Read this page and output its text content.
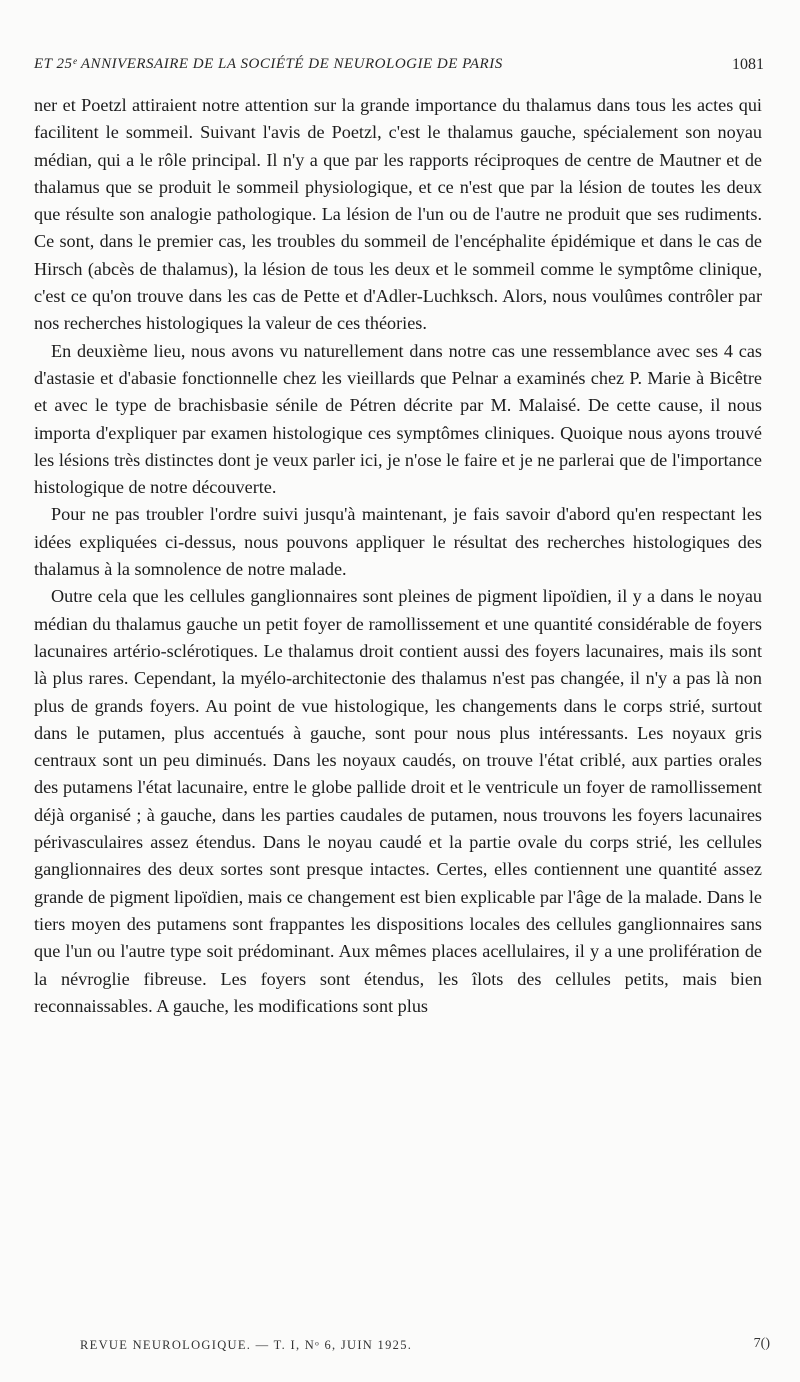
ET 25ᵉ ANNIVERSAIRE DE LA SOCIÉTÉ DE NEUROLOGIE DE PARIS	1081

ner et Poetzl attiraient notre attention sur la grande importance du thalamus dans tous les actes qui facilitent le sommeil. Suivant l'avis de Poetzl, c'est le thalamus gauche, spécialement son noyau médian, qui a le rôle principal. Il n'y a que par les rapports réciproques de centre de Mautner et de thalamus que se produit le sommeil physiologique, et ce n'est que par la lésion de toutes les deux que résulte son analogie pathologique. La lésion de l'un ou de l'autre ne produit que ses rudiments. Ce sont, dans le premier cas, les troubles du sommeil de l'encéphalite épidémique et dans le cas de Hirsch (abcès de thalamus), la lésion de tous les deux et le sommeil comme le symptôme clinique, c'est ce qu'on trouve dans les cas de Pette et d'Adler-Luchksch. Alors, nous voulûmes contrôler par nos recherches histologiques la valeur de ces théories.

En deuxième lieu, nous avons vu naturellement dans notre cas une ressemblance avec ses 4 cas d'astasie et d'abasie fonctionnelle chez les vieillards que Pelnar a examinés chez P. Marie à Bicêtre et avec le type de brachisbasie sénile de Pétren décrite par M. Malaisé. De cette cause, il nous importa d'expliquer par examen histologique ces symptômes cliniques. Quoique nous ayons trouvé les lésions très distinctes dont je veux parler ici, je n'ose le faire et je ne parlerai que de l'importance histologique de notre découverte.

Pour ne pas troubler l'ordre suivi jusqu'à maintenant, je fais savoir d'abord qu'en respectant les idées expliquées ci-dessus, nous pouvons appliquer le résultat des recherches histologiques des thalamus à la somnolence de notre malade.

Outre cela que les cellules ganglionnaires sont pleines de pigment lipoïdien, il y a dans le noyau médian du thalamus gauche un petit foyer de ramollissement et une quantité considérable de foyers lacunaires artério-sclérotiques. Le thalamus droit contient aussi des foyers lacunaires, mais ils sont là plus rares. Cependant, la myélo-architectonie des thalamus n'est pas changée, il n'y a pas là non plus de grands foyers. Au point de vue histologique, les changements dans le corps strié, surtout dans le putamen, plus accentués à gauche, sont pour nous plus intéressants. Les noyaux gris centraux sont un peu diminués. Dans les noyaux caudés, on trouve l'état criblé, aux parties orales des putamens l'état lacunaire, entre le globe pallide droit et le ventricule un foyer de ramollissement déjà organisé ; à gauche, dans les parties caudales de putamen, nous trouvons les foyers lacunaires périvasculaires assez étendus. Dans le noyau caudé et la partie ovale du corps strié, les cellules ganglionnaires des deux sortes sont presque intactes. Certes, elles contiennent une quantité assez grande de pigment lipoïdien, mais ce changement est bien explicable par l'âge de la malade. Dans le tiers moyen des putamens sont frappantes les dispositions locales des cellules ganglionnaires sans que l'un ou l'autre type soit prédominant. Aux mêmes places acellulaires, il y a une prolifération de la névroglie fibreuse. Les foyers sont étendus, les îlots des cellules petits, mais bien reconnaissables. A gauche, les modifications sont plus

REVUE NEUROLOGIQUE. — T. I, Nᵒ 6, JUIN 1925.	7()
